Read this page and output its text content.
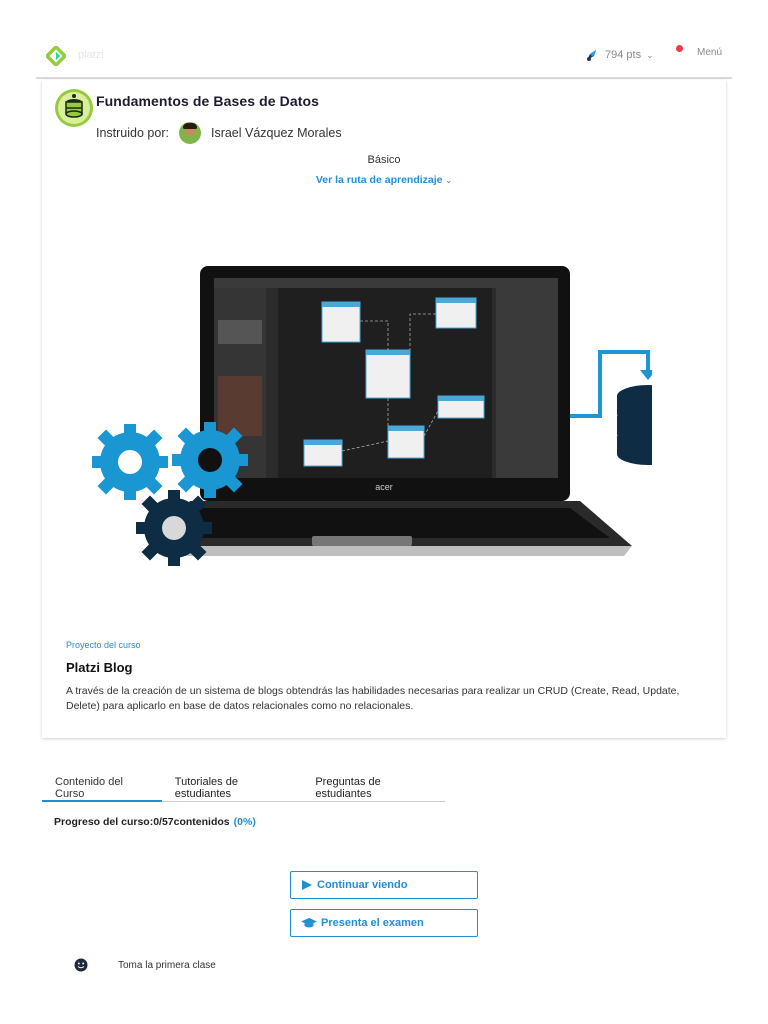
platzi	794 pts ⌄	Menú
Fundamentos de Bases de Datos
Instruido por:	Israel Vázquez Morales
Básico
Ver la ruta de aprendizaje ⌄
acer
Proyecto del curso
Platzi Blog

A través de la creación de un sistema de blogs obtendrás las habilidades necesarias para realizar un CRUD (Create, Read, Update, Delete) para aplicarlo en base de datos relacionales como no relacionales.

Contenido del Curso
Tutoriales de estudiantes
Preguntas de estudiantes
Progreso del curso:0/57contenidos (0%)
Continuar viendo
Presenta el examen
Toma la primera clase
